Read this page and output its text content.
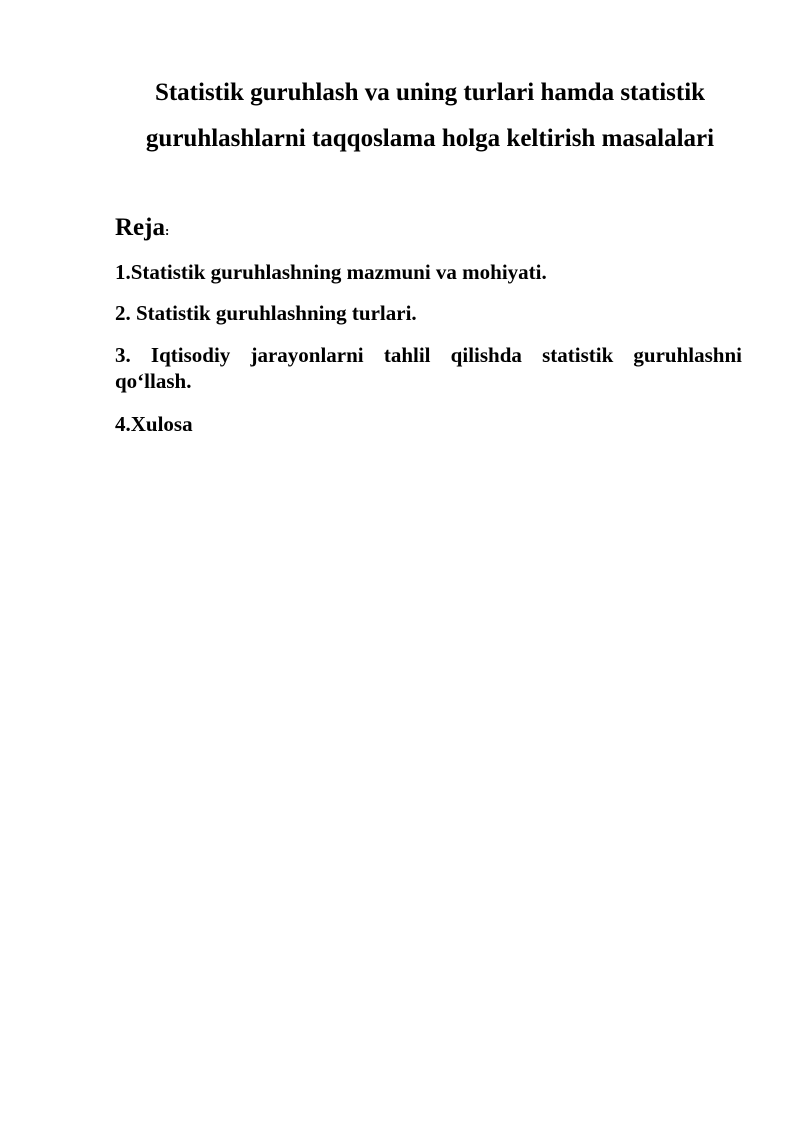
Statistik guruhlash va uning turlari hamda statistik
guruhlashlarni taqqoslama holga keltirish masalalari
Reja:
1.Statistik guruhlashning mazmuni va mohiyati.
2. Statistik guruhlashning turlari.
3. Iqtisodiy jarayonlarni tahlil qilishda statistik guruhlashni
qo‘llash.
4.Xulosa
